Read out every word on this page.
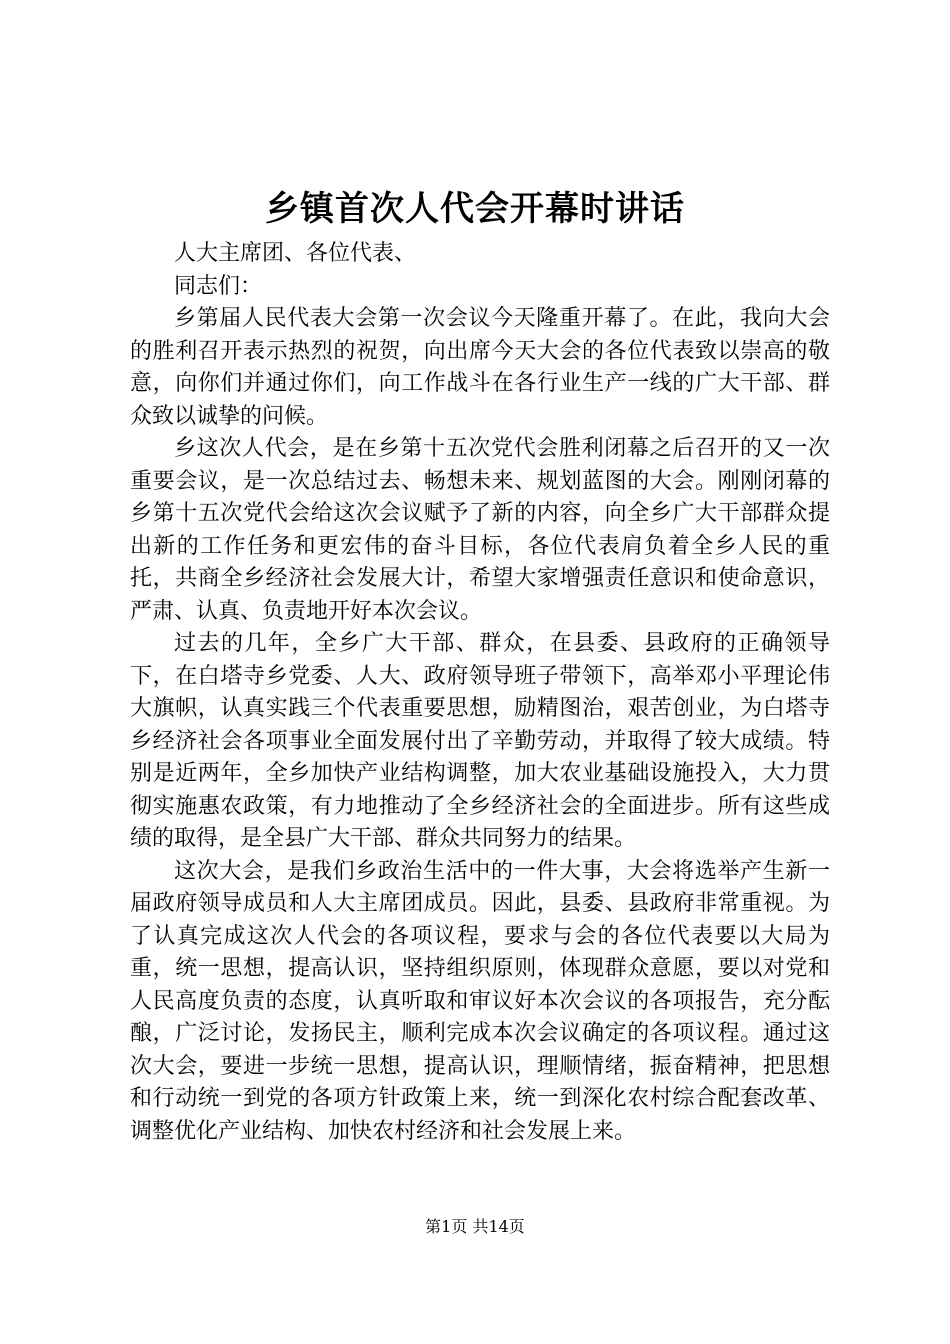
乡镇首次人代会开幕时讲话

人大主席团、各位代表、

同志们：

乡第届人民代表大会第一次会议今天隆重开幕了。在此，我向大会的胜利召开表示热烈的祝贺，向出席今天大会的各位代表致以崇高的敬意，向你们并通过你们，向工作战斗在各行业生产一线的广大干部、群众致以诚挚的问候。

乡这次人代会，是在乡第十五次党代会胜利闭幕之后召开的又一次重要会议，是一次总结过去、畅想未来、规划蓝图的大会。刚刚闭幕的乡第十五次党代会给这次会议赋予了新的内容，向全乡广大干部群众提出新的工作任务和更宏伟的奋斗目标，各位代表肩负着全乡人民的重托，共商全乡经济社会发展大计，希望大家增强责任意识和使命意识，严肃、认真、负责地开好本次会议。

过去的几年，全乡广大干部、群众，在县委、县政府的正确领导下，在白塔寺乡党委、人大、政府领导班子带领下，高举邓小平理论伟大旗帜，认真实践三个代表重要思想，励精图治，艰苦创业，为白塔寺乡经济社会各项事业全面发展付出了辛勤劳动，并取得了较大成绩。特别是近两年，全乡加快产业结构调整，加大农业基础设施投入，大力贯彻实施惠农政策，有力地推动了全乡经济社会的全面进步。所有这些成绩的取得，是全县广大干部、群众共同努力的结果。

这次大会，是我们乡政治生活中的一件大事，大会将选举产生新一届政府领导成员和人大主席团成员。因此，县委、县政府非常重视。为了认真完成这次人代会的各项议程，要求与会的各位代表要以大局为重，统一思想，提高认识，坚持组织原则，体现群众意愿，要以对党和人民高度负责的态度，认真听取和审议好本次会议的各项报告，充分酝酿，广泛讨论，发扬民主，顺利完成本次会议确定的各项议程。通过这次大会，要进一步统一思想，提高认识，理顺情绪，振奋精神，把思想和行动统一到党的各项方针政策上来，统一到深化农村综合配套改革、调整优化产业结构、加快农村经济和社会发展上来。

第1页 共14页
